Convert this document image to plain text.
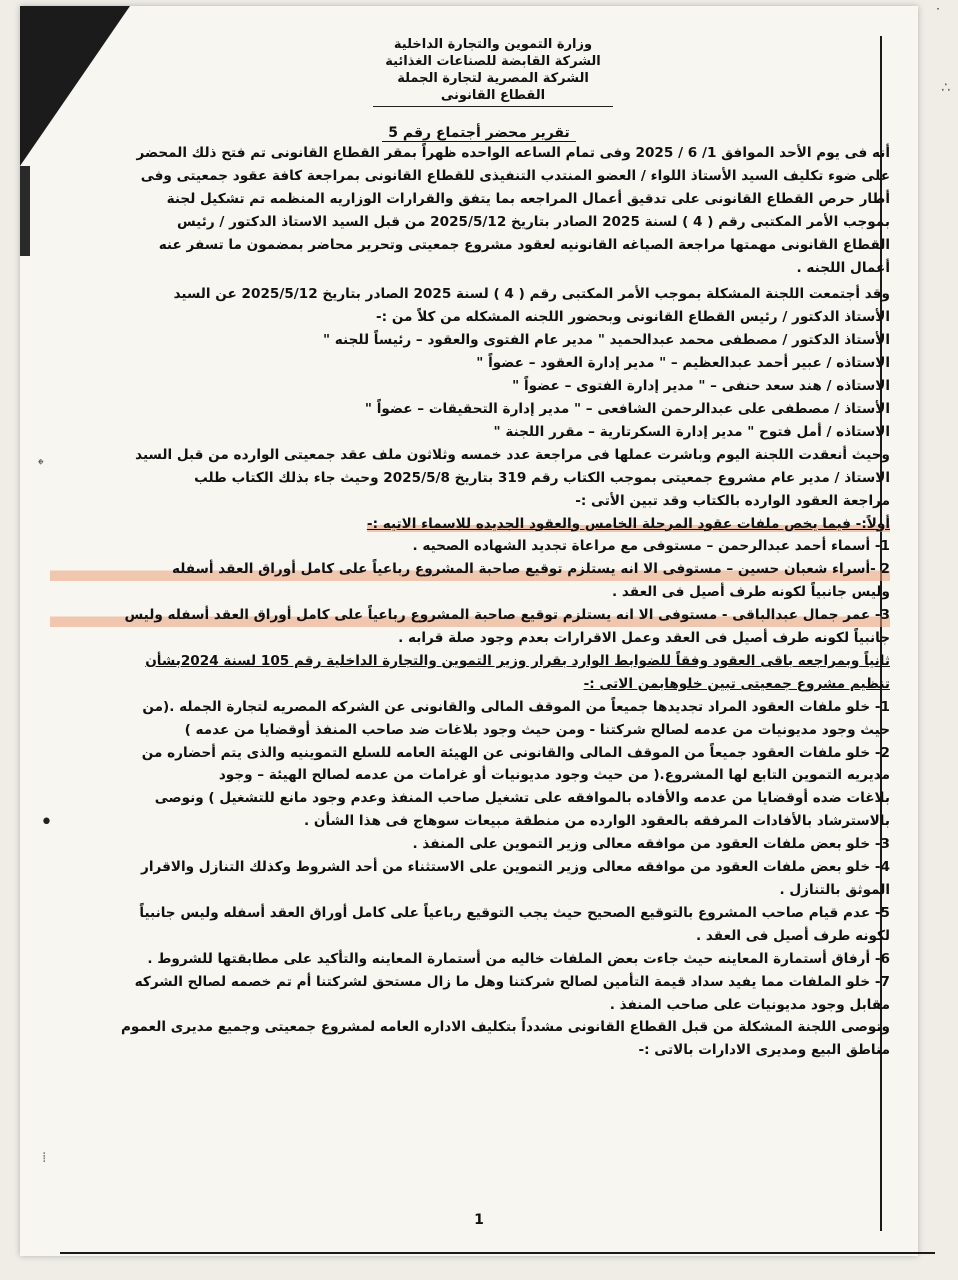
·
∴
𝄌
•
⁞
وزارة التموين والتجارة الداخلية
الشركة القابضة للصناعات الغذائية
الشركة المصرية لتجارة الجملة
القطاع القانونى
تقرير محضر أجتماع رقم 5

أنه فى يوم الأحد الموافق 1/ 6 / 2025 وفى تمام الساعه الواحده ظهراً بمقر القطاع القانونى تم فتح ذلك المحضر
على ضوء تكليف السيد الأستاذ اللواء / العضو المنتدب التنفيذى للقطاع القانونى بمراجعة كافة عقود جمعيتى وفى
أطار حرص القطاع القانونى على تدقيق أعمال المراجعه بما يتفق والقرارات الوزاريه المنظمه تم تشكيل لجنة
بموجب الأمر المكتبى رقم ( 4 ) لسنة 2025 الصادر بتاريخ 2025/5/12 من قبل السيد الاستاذ الدكتور / رئيس
القطاع القانونى مهمتها مراجعة الصياغه القانونيه لعقود مشروع جمعيتى وتحرير محاضر بمضمون ما تسفر عنه
أعمال اللجنه .

وقد أجتمعت اللجنة المشكلة بموجب الأمر المكتبى رقم ( 4 ) لسنة 2025 الصادر بتاريخ 2025/5/12 عن السيد
الأستاذ الدكتور / رئيس القطاع القانونى وبحضور اللجنه المشكله من كلاً من :-

الأستاذ الدكتور / مصطفى محمد عبدالحميد " مدير عام الفتوى والعقود – رئيساً للجنه "
الاستاذه / عبير أحمد عبدالعظيم – " مدير إدارة العقود – عضواً "
الاستاذه / هند سعد حنفى – " مدير إدارة الفتوى – عضواً "
الأستاذ / مصطفى على عبدالرحمن الشافعى – " مدير إدارة التحقيقات – عضواً "
الاستاذه / أمل فتوح " مدير إدارة السكرتارية – مقرر اللجنة "

وحيث أنعقدت اللجنة اليوم وباشرت عملها فى مراجعة عدد خمسه وثلاثون ملف عقد جمعيتى الوارده من قبل السيد
الاستاذ / مدير عام مشروع جمعيتى بموجب الكتاب رقم 319 بتاريخ 2025/5/8 وحيث جاء بذلك الكتاب طلب
مراجعة العقود الوارده بالكتاب وقد تبين الأتى :-

أولاً:- فيما يخص ملفات عقود المرحلة الخامس والعقود الجديده للاسماء الاتيه :-

1- أسماء أحمد عبدالرحمن – مستوفى مع مراعاة تجديد الشهاده الصحيه .
2 -أسراء شعبان حسين – مستوفى الا انه يستلزم توقيع صاحبة المشروع رباعياً على كامل أوراق العقد أسفله
وليس جانبياً لكونه طرف أصيل فى العقد .
3- عمر جمال عبدالباقى - مستوفى الا انه يستلزم توقيع صاحبة المشروع رباعياً على كامل أوراق العقد أسفله وليس
جانبياً لكونه طرف أصيل فى العقد وعمل الاقرارات بعدم وجود صلة قرابه .

ثانياً وبمراجعه باقى العقود وفقاً للضوابط الوارد بقرار وزير التموين والتجارة الداخلية رقم 105 لسنة 2024بشأن
تنظيم مشروع جمعيتى تبين خلوهابمن الاتى :-

1- خلو ملفات العقود المراد تجديدها جميعاً من الموقف المالى والقانونى عن الشركه المصريه لتجارة الجمله .(من
حيث وجود مديونيات من عدمه لصالح شركتنا - ومن حيث وجود بلاغات ضد صاحب المنفذ أوقضايا من عدمه )
2- خلو ملفات العقود جميعاً من الموقف المالى والقانونى عن الهيئة العامه للسلع التموينيه والذى يتم أحضاره من
مديريه التموين التابع لها المشروع.( من حيث وجود مديونيات أو غرامات من عدمه لصالح الهيئة – وجود
بلاغات ضده أوقضايا من عدمه والأفاده بالموافقه على تشغيل صاحب المنفذ وعدم وجود مانع للتشغيل ) ونوصى
بالاسترشاد بالأفادات المرفقه بالعقود الوارده من منطقة مبيعات سوهاج فى هذا الشأن .
3- خلو بعض ملفات العقود من موافقه معالى وزير التموين على المنفذ .
4- خلو بعض ملفات العقود من موافقه معالى وزير التموين على الاستثناء من أحد الشروط وكذلك التنازل والاقرار
الموثق بالتنازل .
5- عدم قيام صاحب المشروع بالتوقيع الصحيح حيث يجب التوقيع رباعياً على كامل أوراق العقد أسفله وليس جانبياً
لكونه طرف أصيل فى العقد .
6- أرفاق أستمارة المعاينه حيث جاءت بعض الملفات خاليه من أستمارة المعاينه والتأكيد على مطابقتها للشروط .
7- خلو الملفات مما يفيد سداد قيمة التأمين لصالح شركتنا وهل ما زال مستحق لشركتنا أم تم خصمه لصالح الشركه
مقابل وجود مديونيات على صاحب المنفذ .

وتوصى اللجنة المشكلة من قبل القطاع القانونى مشدداً بتكليف الاداره العامه لمشروع جمعيتى وجميع مديرى العموم
مناطق البيع ومديرى الادارات بالاتى :-

1
